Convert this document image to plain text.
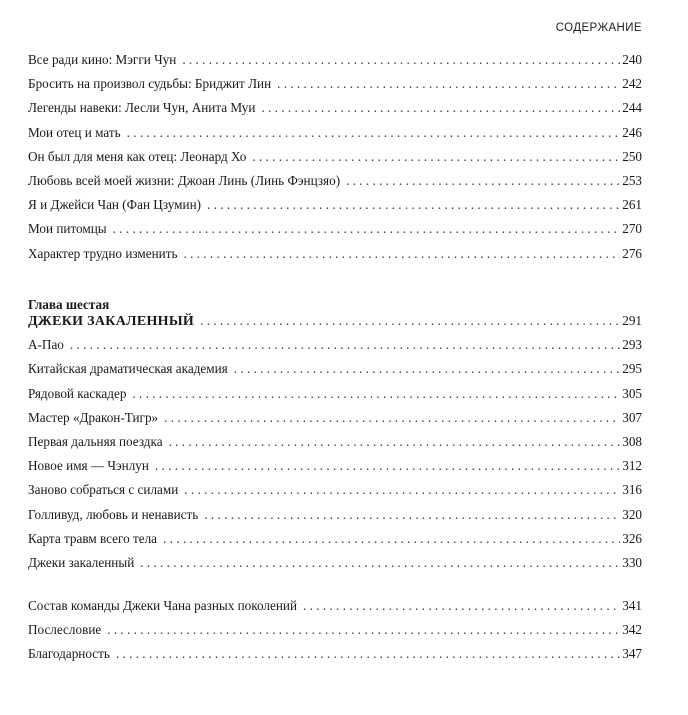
СОДЕРЖАНИЕ
Все ради кино: Мэгги Чун . . .	240
Бросить на произвол судьбы: Бриджит Лин . . .	242
Легенды навеки: Лесли Чун, Анита Муи . . .	244
Мои отец и мать . . .	246
Он был для меня как отец: Леонард Хо . . .	250
Любовь всей моей жизни: Джоан Линь (Линь Фэнцзяо) . . .	253
Я и Джейси Чан (Фан Цзумин) . . .	261
Мои питомцы . . .	270
Характер трудно изменить . . .	276
Глава шестая
ДЖЕКИ ЗАКАЛЕННЫЙ . . .	291
А-Пао . . .	293
Китайская драматическая академия . . .	295
Рядовой каскадер . . .	305
Мастер «Дракон-Тигр» . . .	307
Первая дальняя поездка . . .	308
Новое имя — Чэнлун . . .	312
Заново собраться с силами . . .	316
Голливуд, любовь и ненависть . . .	320
Карта травм всего тела . . .	326
Джеки закаленный . . .	330
Состав команды Джеки Чана разных поколений . . .	341
Послесловие . . .	342
Благодарность . . .	347
